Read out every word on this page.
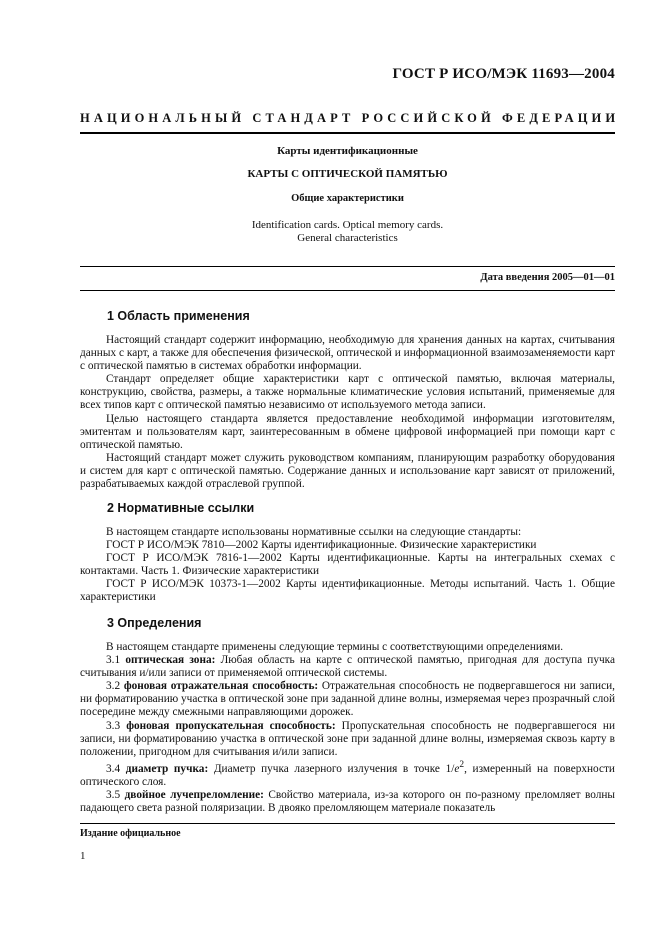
ГОСТ Р ИСО/МЭК 11693—2004
НАЦИОНАЛЬНЫЙ СТАНДАРТ РОССИЙСКОЙ ФЕДЕРАЦИИ
Карты идентификационные
КАРТЫ С ОПТИЧЕСКОЙ ПАМЯТЬЮ
Общие характеристики
Identification cards. Optical memory cards.
General characteristics
Дата введения 2005—01—01
1 Область применения

Настоящий стандарт содержит информацию, необходимую для хранения данных на картах, считывания данных с карт, а также для обеспечения физической, оптической и информационной взаимозаменяемости карт с оптической памятью в системах обработки информации.

Стандарт определяет общие характеристики карт с оптической памятью, включая материалы, конструкцию, свойства, размеры, а также нормальные климатические условия испытаний, применяемые для всех типов карт с оптической памятью независимо от используемого метода записи.

Целью настоящего стандарта является предоставление необходимой информации изготовителям, эмитентам и пользователям карт, заинтересованным в обмене цифровой информацией при помощи карт с оптической памятью.

Настоящий стандарт может служить руководством компаниям, планирующим разработку оборудования и систем для карт с оптической памятью. Содержание данных и использование карт зависят от приложений, разрабатываемых каждой отраслевой группой.

2 Нормативные ссылки

В настоящем стандарте использованы нормативные ссылки на следующие стандарты:

ГОСТ Р ИСО/МЭК 7810—2002 Карты идентификационные. Физические характеристики

ГОСТ Р ИСО/МЭК 7816-1—2002 Карты идентификационные. Карты на интегральных схемах с контактами. Часть 1. Физические характеристики

ГОСТ Р ИСО/МЭК 10373-1—2002 Карты идентификационные. Методы испытаний. Часть 1. Общие характеристики

3 Определения

В настоящем стандарте применены следующие термины с соответствующими определениями.

3.1 оптическая зона: Любая область на карте с оптической памятью, пригодная для доступа пучка считывания и/или записи от применяемой оптической системы.

3.2 фоновая отражательная способность: Отражательная способность не подвергавшегося ни записи, ни форматированию участка в оптической зоне при заданной длине волны, измеряемая через прозрачный слой посередине между смежными направляющими дорожек.

3.3 фоновая пропускательная способность: Пропускательная способность не подвергавшегося ни записи, ни форматированию участка в оптической зоне при заданной длине волны, измеряемая сквозь карту в положении, пригодном для считывания и/или записи.

3.4 диаметр пучка: Диаметр пучка лазерного излучения в точке $1/e^2$, измеренный на поверхности оптического слоя.

3.5 двойное лучепреломление: Свойство материала, из-за которого он по-разному преломляет волны падающего света разной поляризации. В двояко преломляющем материале показатель

Издание официальное
1
